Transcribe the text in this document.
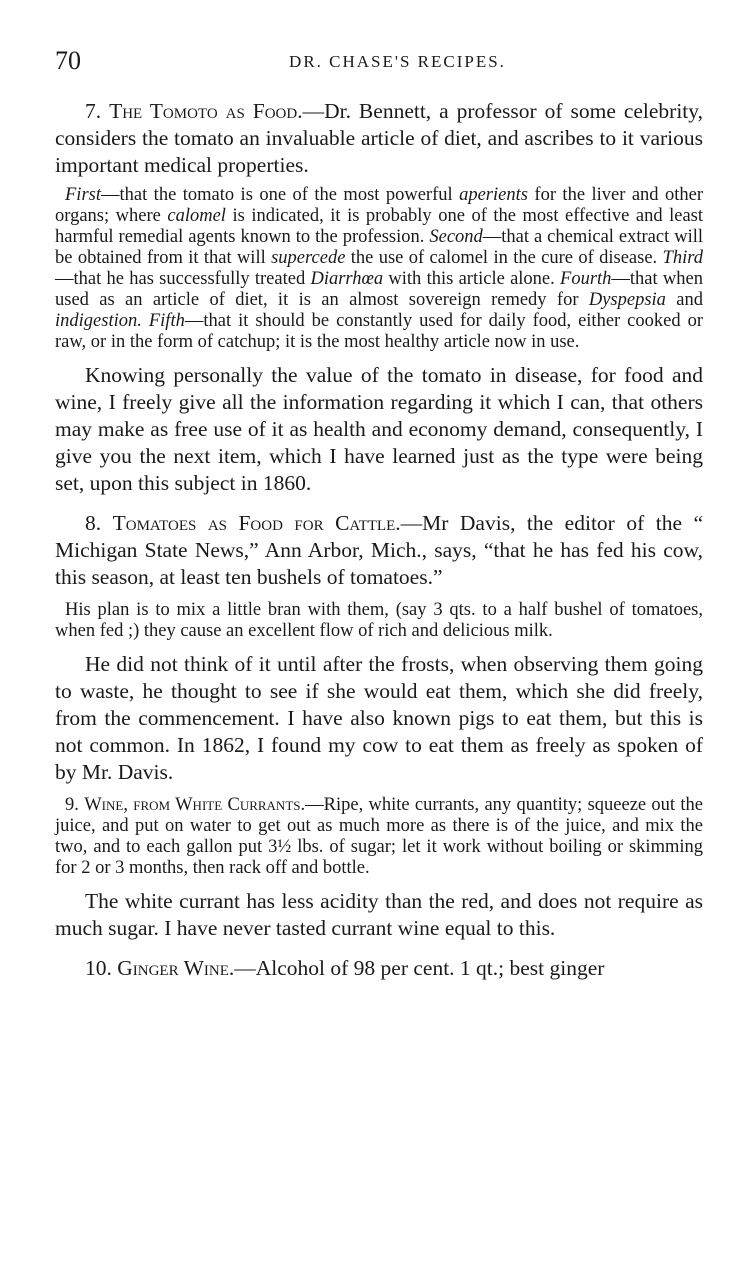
70	DR. CHASE'S RECIPES.

7. The Tomoto as Food.—Dr. Bennett, a professor of some celebrity, considers the tomato an invaluable article of diet, and ascribes to it various important medical properties.

First—that the tomato is one of the most powerful aperients for the liver and other organs; where calomel is indicated, it is probably one of the most effective and least harmful remedial agents known to the profession. Second—that a chemical extract will be obtained from it that will supercede the use of calomel in the cure of disease. Third—that he has successfully treated Diarrhœa with this article alone. Fourth—that when used as an article of diet, it is an almost sovereign remedy for Dyspepsia and indigestion. Fifth—that it should be constantly used for daily food, either cooked or raw, or in the form of catchup; it is the most healthy article now in use.

Knowing personally the value of the tomato in disease, for food and wine, I freely give all the information regarding it which I can, that others may make as free use of it as health and economy demand, consequently, I give you the next item, which I have learned just as the type were being set, upon this subject in 1860.

8. Tomatoes as Food for Cattle.—Mr Davis, the editor of the “ Michigan State News,” Ann Arbor, Mich., says, “that he has fed his cow, this season, at least ten bushels of tomatoes.”

His plan is to mix a little bran with them, (say 3 qts. to a half bushel of tomatoes, when fed ;) they cause an excellent flow of rich and delicious milk.

He did not think of it until after the frosts, when observing them going to waste, he thought to see if she would eat them, which she did freely, from the commencement. I have also known pigs to eat them, but this is not common. In 1862, I found my cow to eat them as freely as spoken of by Mr. Davis.

9. Wine, from White Currants.—Ripe, white currants, any quantity; squeeze out the juice, and put on water to get out as much more as there is of the juice, and mix the two, and to each gallon put 3½ lbs. of sugar; let it work without boiling or skimming for 2 or 3 months, then rack off and bottle.

The white currant has less acidity than the red, and does not require as much sugar. I have never tasted currant wine equal to this.

10. Ginger Wine.—Alcohol of 98 per cent. 1 qt.; best ginger
